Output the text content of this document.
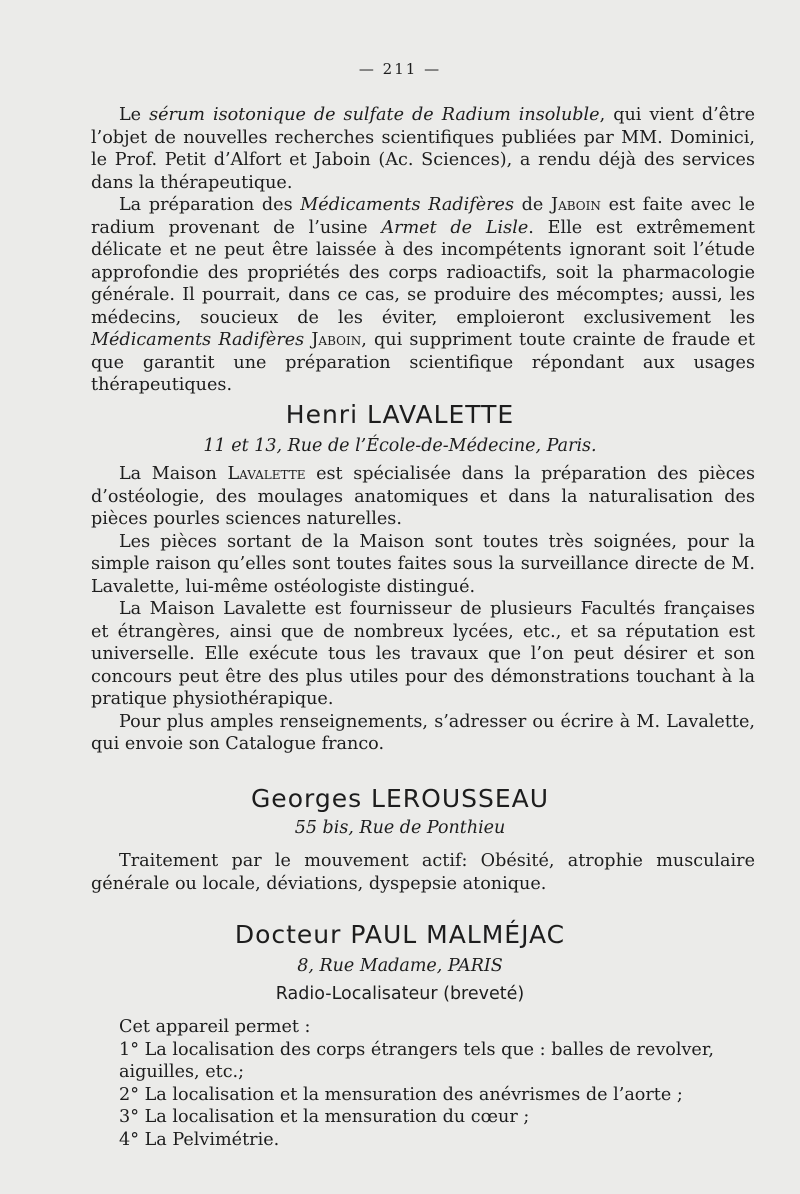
— 211 —

Le sérum isotonique de sulfate de Radium insoluble, qui vient d’être l’objet de nouvelles recherches scientifiques publiées par MM. Dominici, le Prof. Petit d’Alfort et Jaboin (Ac. Sciences), a rendu déjà des services dans la thérapeutique.

La préparation des Médicaments Radifères de Jaboin est faite avec le radium provenant de l’usine Armet de Lisle. Elle est extrêmement délicate et ne peut être laissée à des incompétents ignorant soit l’étude approfondie des propriétés des corps radioactifs, soit la pharmacologie générale. Il pourrait, dans ce cas, se produire des mécomptes; aussi, les médecins, soucieux de les éviter, emploieront exclusivement les Médicaments Radifères Jaboin, qui suppriment toute crainte de fraude et que garantit une préparation scientifique répondant aux usages thérapeutiques.

Henri LAVALETTE
11 et 13, Rue de l’École-de-Médecine, Paris.

La Maison Lavalette est spécialisée dans la préparation des pièces d’ostéologie, des moulages anatomiques et dans la naturalisation des pièces pourles sciences naturelles.

Les pièces sortant de la Maison sont toutes très soignées, pour la simple raison qu’elles sont toutes faites sous la surveillance directe de M. Lavalette, lui-même ostéologiste distingué.

La Maison Lavalette est fournisseur de plusieurs Facultés françaises et étrangères, ainsi que de nombreux lycées, etc., et sa réputation est universelle. Elle exécute tous les travaux que l’on peut désirer et son concours peut être des plus utiles pour des démonstrations touchant à la pratique physiothérapique.

Pour plus amples renseignements, s’adresser ou écrire à M. Lavalette, qui envoie son Catalogue franco.

Georges LEROUSSEAU
55 bis, Rue de Ponthieu

Traitement par le mouvement actif: Obésité, atrophie musculaire générale ou locale, déviations, dyspepsie atonique.

Docteur PAUL MALMÉJAC
8, Rue Madame, PARIS
Radio-Localisateur (breveté)

Cet appareil permet :

1° La localisation des corps étrangers tels que : balles de revolver,

aiguilles, etc.;

2° La localisation et la mensuration des anévrismes de l’aorte ;

3° La localisation et la mensuration du cœur ;

4° La Pelvimétrie.
